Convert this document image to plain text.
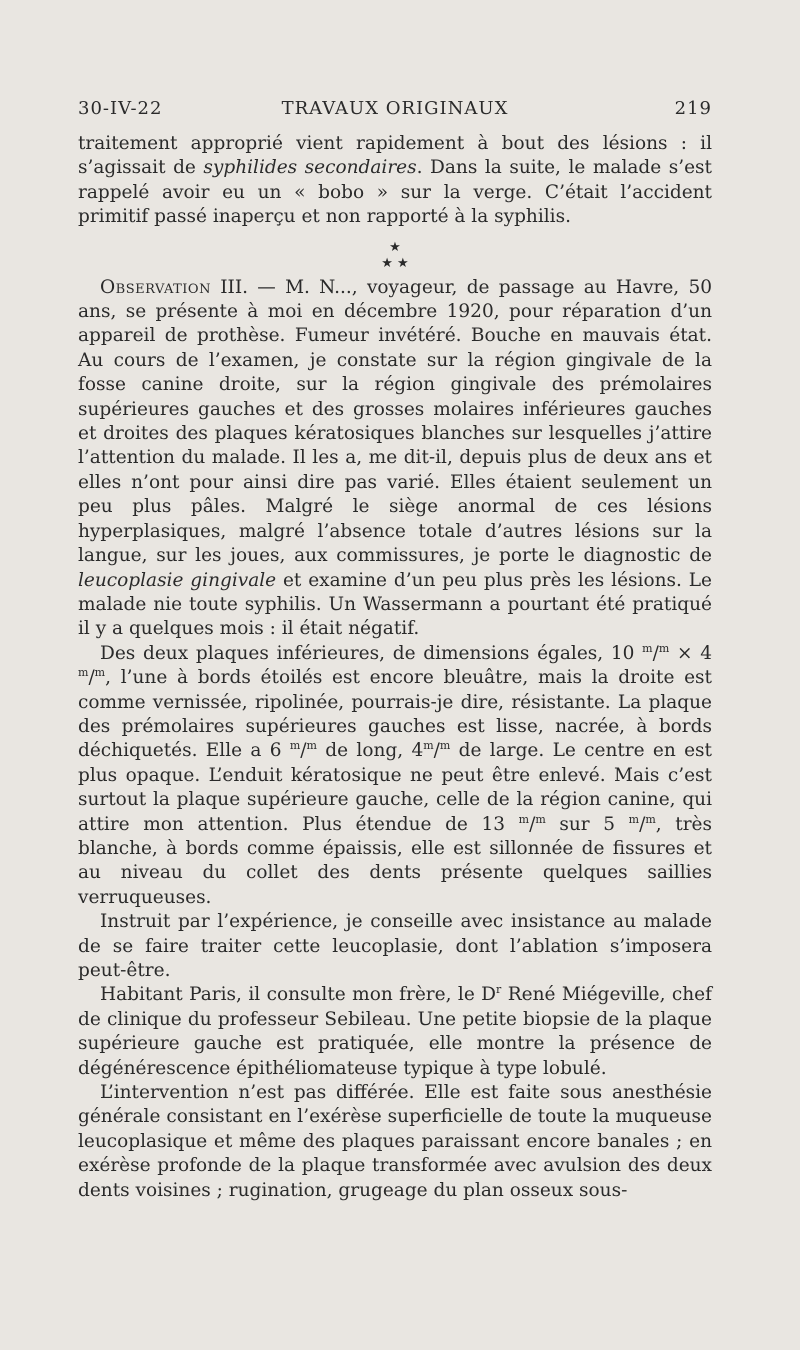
30-IV-22	TRAVAUX ORIGINAUX	219

traitement approprié vient rapidement à bout des lésions : il s’agissait de syphilides secondaires. Dans la suite, le malade s’est rappelé avoir eu un « bobo » sur la verge. C’était l’accident primitif passé inaperçu et non rapporté à la syphilis.

★
★ ★

Observation III. — M. N..., voyageur, de passage au Havre, 50 ans, se présente à moi en décembre 1920, pour réparation d’un appareil de prothèse. Fumeur invétéré. Bouche en mauvais état. Au cours de l’examen, je constate sur la région gingivale de la fosse canine droite, sur la région gingivale des prémolaires supérieures gauches et des grosses molaires inférieures gauches et droites des plaques kératosiques blanches sur lesquelles j’attire l’attention du malade. Il les a, me dit-il, depuis plus de deux ans et elles n’ont pour ainsi dire pas varié. Elles étaient seulement un peu plus pâles. Malgré le siège anormal de ces lésions hyperplasiques, malgré l’absence totale d’autres lésions sur la langue, sur les joues, aux commissures, je porte le diagnostic de leucoplasie gingivale et examine d’un peu plus près les lésions. Le malade nie toute syphilis. Un Wassermann a pourtant été pratiqué il y a quelques mois : il était négatif.

Des deux plaques inférieures, de dimensions égales, 10 $^m$/$^m$ × 4 $^m$/$^m$, l’une à bords étoilés est encore bleuâtre, mais la droite est comme vernissée, ripolinée, pourrais-je dire, résistante. La plaque des prémolaires supérieures gauches est lisse, nacrée, à bords déchiquetés. Elle a 6 $^m$/$^m$ de long, 4$^m$/$^m$ de large. Le centre en est plus opaque. L’enduit kératosique ne peut être enlevé. Mais c’est surtout la plaque supérieure gauche, celle de la région canine, qui attire mon attention. Plus étendue de 13 $^m$/$^m$ sur 5 $^m$/$^m$, très blanche, à bords comme épaissis, elle est sillonnée de fissures et au niveau du collet des dents présente quelques saillies verruqueuses.

Instruit par l’expérience, je conseille avec insistance au malade de se faire traiter cette leucoplasie, dont l’ablation s’imposera peut-être.

Habitant Paris, il consulte mon frère, le $D^r$ René Miégeville, chef de clinique du professeur Sebileau. Une petite biopsie de la plaque supérieure gauche est pratiquée, elle montre la présence de dégénérescence épithéliomateuse typique à type lobulé.

L’intervention n’est pas différée. Elle est faite sous anesthésie générale consistant en l’exérèse superficielle de toute la muqueuse leucoplasique et même des plaques paraissant encore banales ; en exérèse profonde de la plaque transformée avec avulsion des deux dents voisines ; rugination, grugeage du plan osseux sous-
